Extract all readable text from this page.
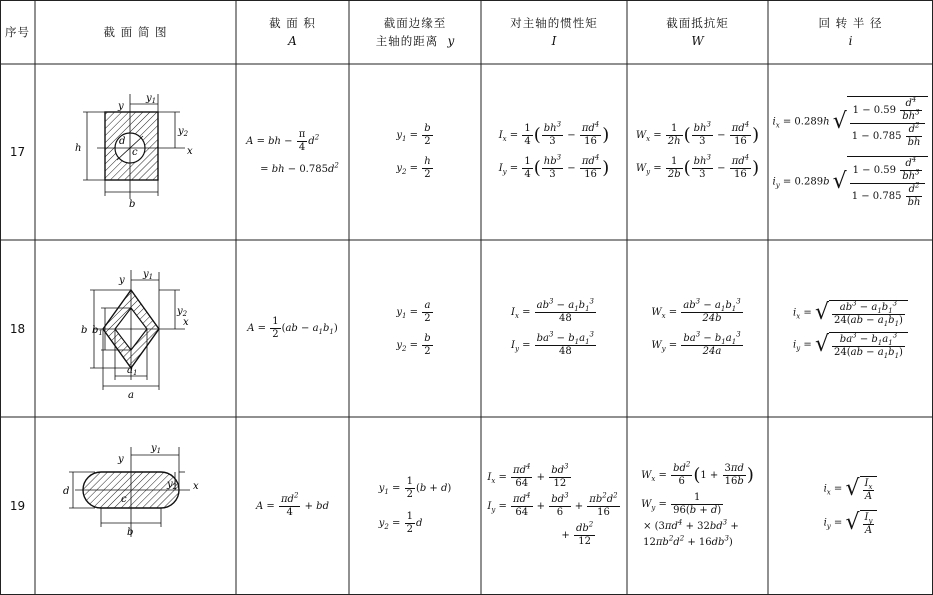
序号	截 面 简 图
截 面 积
A
截面边缘至
主轴的距离 y
对主轴的惯性矩
I
截面抵抗矩
W
回 转 半 径
i
17
18
19
y
$y_1$
$y_2$
x
h
b
d
c
A = bh − $\frac{\pi}{4} d^2$
= bh − $0.785d^2$
$y_1 = \frac{b}{2}$
$y_2 = \frac{h}{2}$
$I_x = \frac{1}{4}$ ( $\frac{bh^3}{3} - \frac{\pi d^4}{16}$ )
$I_y = \frac{1}{4}$ ( $\frac{hb^3}{3} - \frac{\pi d^4}{16}$ )
$W_x = \frac{1}{2h}$ ( $\frac{bh^3}{3} - \frac{\pi d^4}{16}$ )
$W_y = \frac{1}{2b}$ ( $\frac{bh^3}{3} - \frac{\pi d^4}{16}$ )
$i_x = 0.289h$ √ $\frac{1 - 0.59 \frac{d^4}{bh^3}}{1 - 0.785 \frac{d^2}{bh}}$
$i_y = 0.289b$ √ $\frac{1 - 0.59 \frac{d^4}{bh^3}}{1 - 0.785 \frac{d^2}{bh}}$
y
$y_1$
$y_2$
x
b $b_1$
$a_1$
a
$A = \frac{1}{2} (ab - a_1b_1)$
$y_1 = \frac{a}{2}$
$y_2 = \frac{b}{2}$
$I_x = \frac{ab^3 - a_1b_1^3}{48}$
$I_y = \frac{ba^3 - b_1a_1^3}{48}$
$W_x = \frac{ab^3 - a_1b_1^3}{24b}$
$W_y = \frac{ba^3 - b_1a_1^3}{24a}$
$i_x$ = √ $\frac{ab^3 - a_1b_1^3}{24(ab - a_1b_1)}$
$i_y$ = √ $\frac{ba^3 - b_1a_1^3}{24(ab - a_1b_1)}$
y
$y_1$
$y_2$ x
d
c
b
$A = \frac{\pi d^2}{4}$ + bd
$y_1 = \frac{1}{2} (b + d)$
$y_2 = \frac{1}{2}$ d
$I_x = \frac{\pi d^4}{64} + \frac{bd^3}{12}$
$I_y = \frac{\pi d^4}{64} + \frac{bd^3}{6} + \frac{\pi b^2d^2}{16}$
+ $\frac{db^2}{12}$
$W_x = \frac{bd^2}{6} (1 + \frac{3\pi d}{16b}$ )
$W_y = \frac{1}{96(b + d)}$
× ($3\pi d^4 + 32bd^3$ +
$12\pi b^2d^2 + 16db^3$)
$i_x$ = √ $\frac{I_x}{A}$
$i_y$ = √ $\frac{I_y}{A}$
